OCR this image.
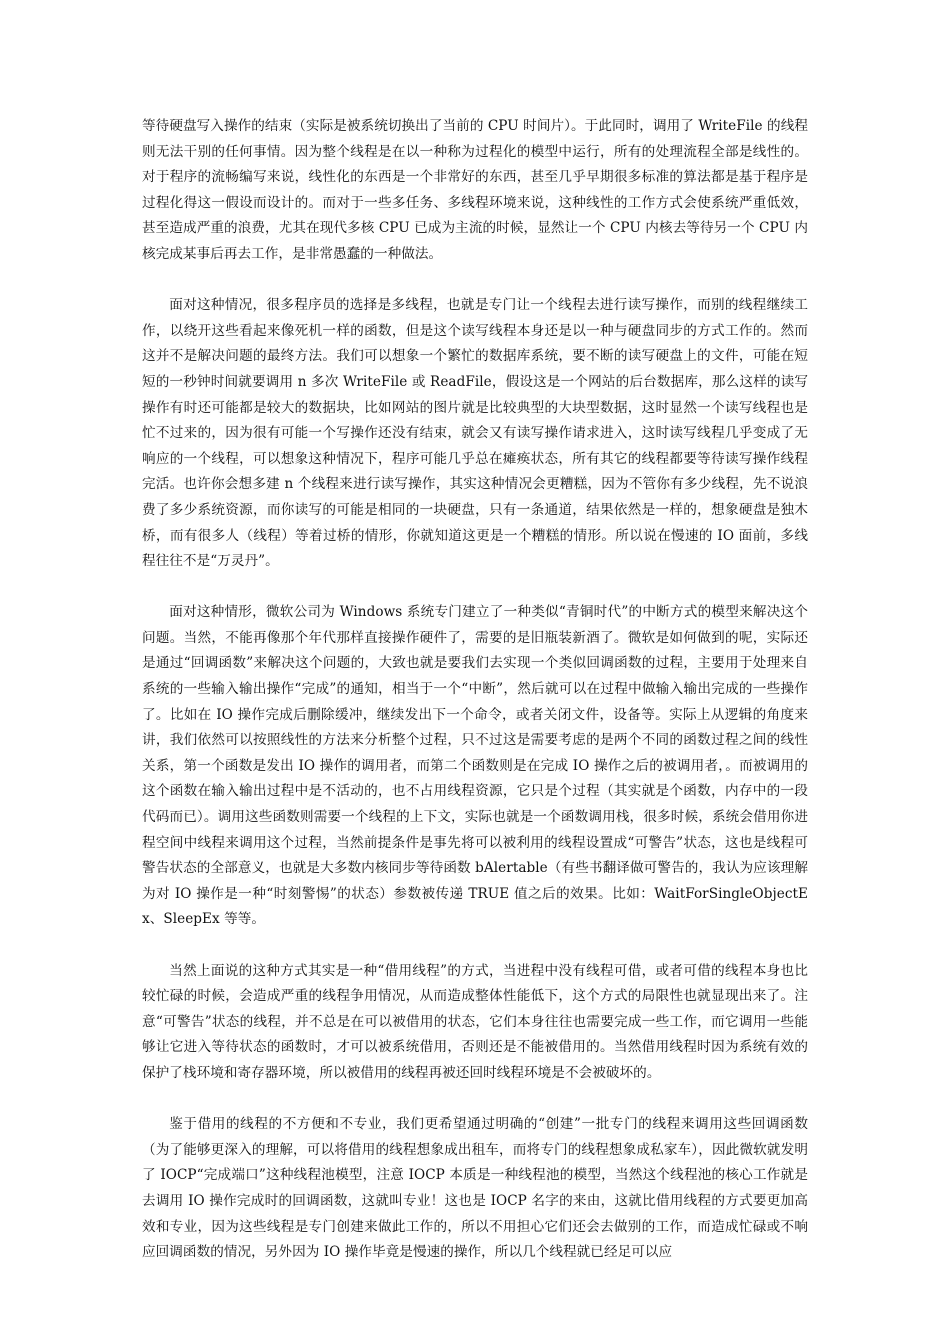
等待硬盘写入操作的结束（实际是被系统切换出了当前的 CPU 时间片）。于此同时，调用了 WriteFile 的线程则无法干别的任何事情。因为整个线程是在以一种称为过程化的模型中运行，所有的处理流程全部是线性的。对于程序的流畅编写来说，线性化的东西是一个非常好的东西，甚至几乎早期很多标准的算法都是基于程序是过程化得这一假设而设计的。而对于一些多任务、多线程环境来说，这种线性的工作方式会使系统严重低效，甚至造成严重的浪费，尤其在现代多核 CPU 已成为主流的时候，显然让一个 CPU 内核去等待另一个 CPU 内核完成某事后再去工作，是非常愚蠢的一种做法。

面对这种情况，很多程序员的选择是多线程，也就是专门让一个线程去进行读写操作，而别的线程继续工作，以绕开这些看起来像死机一样的函数，但是这个读写线程本身还是以一种与硬盘同步的方式工作的。然而这并不是解决问题的最终方法。我们可以想象一个繁忙的数据库系统，要不断的读写硬盘上的文件，可能在短短的一秒钟时间就要调用 n 多次 WriteFile 或 ReadFile，假设这是一个网站的后台数据库，那么这样的读写操作有时还可能都是较大的数据块，比如网站的图片就是比较典型的大块型数据，这时显然一个读写线程也是忙不过来的，因为很有可能一个写操作还没有结束，就会又有读写操作请求进入，这时读写线程几乎变成了无响应的一个线程，可以想象这种情况下，程序可能几乎总在瘫痪状态，所有其它的线程都要等待读写操作线程完活。也许你会想多建 n 个线程来进行读写操作，其实这种情况会更糟糕，因为不管你有多少线程，先不说浪费了多少系统资源，而你读写的可能是相同的一块硬盘，只有一条通道，结果依然是一样的，想象硬盘是独木桥，而有很多人（线程）等着过桥的情形，你就知道这更是一个糟糕的情形。所以说在慢速的 IO 面前，多线程往往不是“万灵丹”。

面对这种情形，微软公司为 Windows 系统专门建立了一种类似“青铜时代”的中断方式的模型来解决这个问题。当然，不能再像那个年代那样直接操作硬件了，需要的是旧瓶装新酒了。微软是如何做到的呢，实际还是通过“回调函数”来解决这个问题的，大致也就是要我们去实现一个类似回调函数的过程，主要用于处理来自系统的一些输入输出操作“完成”的通知，相当于一个“中断”，然后就可以在过程中做输入输出完成的一些操作了。比如在 IO 操作完成后删除缓冲，继续发出下一个命令，或者关闭文件，设备等。实际上从逻辑的角度来讲，我们依然可以按照线性的方法来分析整个过程，只不过这是需要考虑的是两个不同的函数过程之间的线性关系，第一个函数是发出 IO 操作的调用者，而第二个函数则是在完成 IO 操作之后的被调用者，。而被调用的这个函数在输入输出过程中是不活动的，也不占用线程资源，它只是个过程（其实就是个函数，内存中的一段代码而已）。调用这些函数则需要一个线程的上下文，实际也就是一个函数调用栈，很多时候，系统会借用你进程空间中线程来调用这个过程，当然前提条件是事先将可以被利用的线程设置成“可警告”状态，这也是线程可警告状态的全部意义，也就是大多数内核同步等待函数 bAlertable（有些书翻译做可警告的，我认为应该理解为对 IO 操作是一种“时刻警惕”的状态）参数被传递 TRUE 值之后的效果。比如：WaitForSingleObjectEx、SleepEx 等等。

当然上面说的这种方式其实是一种“借用线程”的方式，当进程中没有线程可借，或者可借的线程本身也比较忙碌的时候，会造成严重的线程争用情况，从而造成整体性能低下，这个方式的局限性也就显现出来了。注意“可警告”状态的线程，并不总是在可以被借用的状态，它们本身往往也需要完成一些工作，而它调用一些能够让它进入等待状态的函数时，才可以被系统借用，否则还是不能被借用的。当然借用线程时因为系统有效的保护了栈环境和寄存器环境，所以被借用的线程再被还回时线程环境是不会被破坏的。

鉴于借用的线程的不方便和不专业，我们更希望通过明确的“创建”一批专门的线程来调用这些回调函数（为了能够更深入的理解，可以将借用的线程想象成出租车，而将专门的线程想象成私家车），因此微软就发明了 IOCP“完成端口”这种线程池模型，注意 IOCP 本质是一种线程池的模型，当然这个线程池的核心工作就是去调用 IO 操作完成时的回调函数，这就叫专业！这也是 IOCP 名字的来由，这就比借用线程的方式要更加高效和专业，因为这些线程是专门创建来做此工作的，所以不用担心它们还会去做别的工作，而造成忙碌或不响应回调函数的情况，另外因为 IO 操作毕竟是慢速的操作，所以几个线程就已经足可以应
